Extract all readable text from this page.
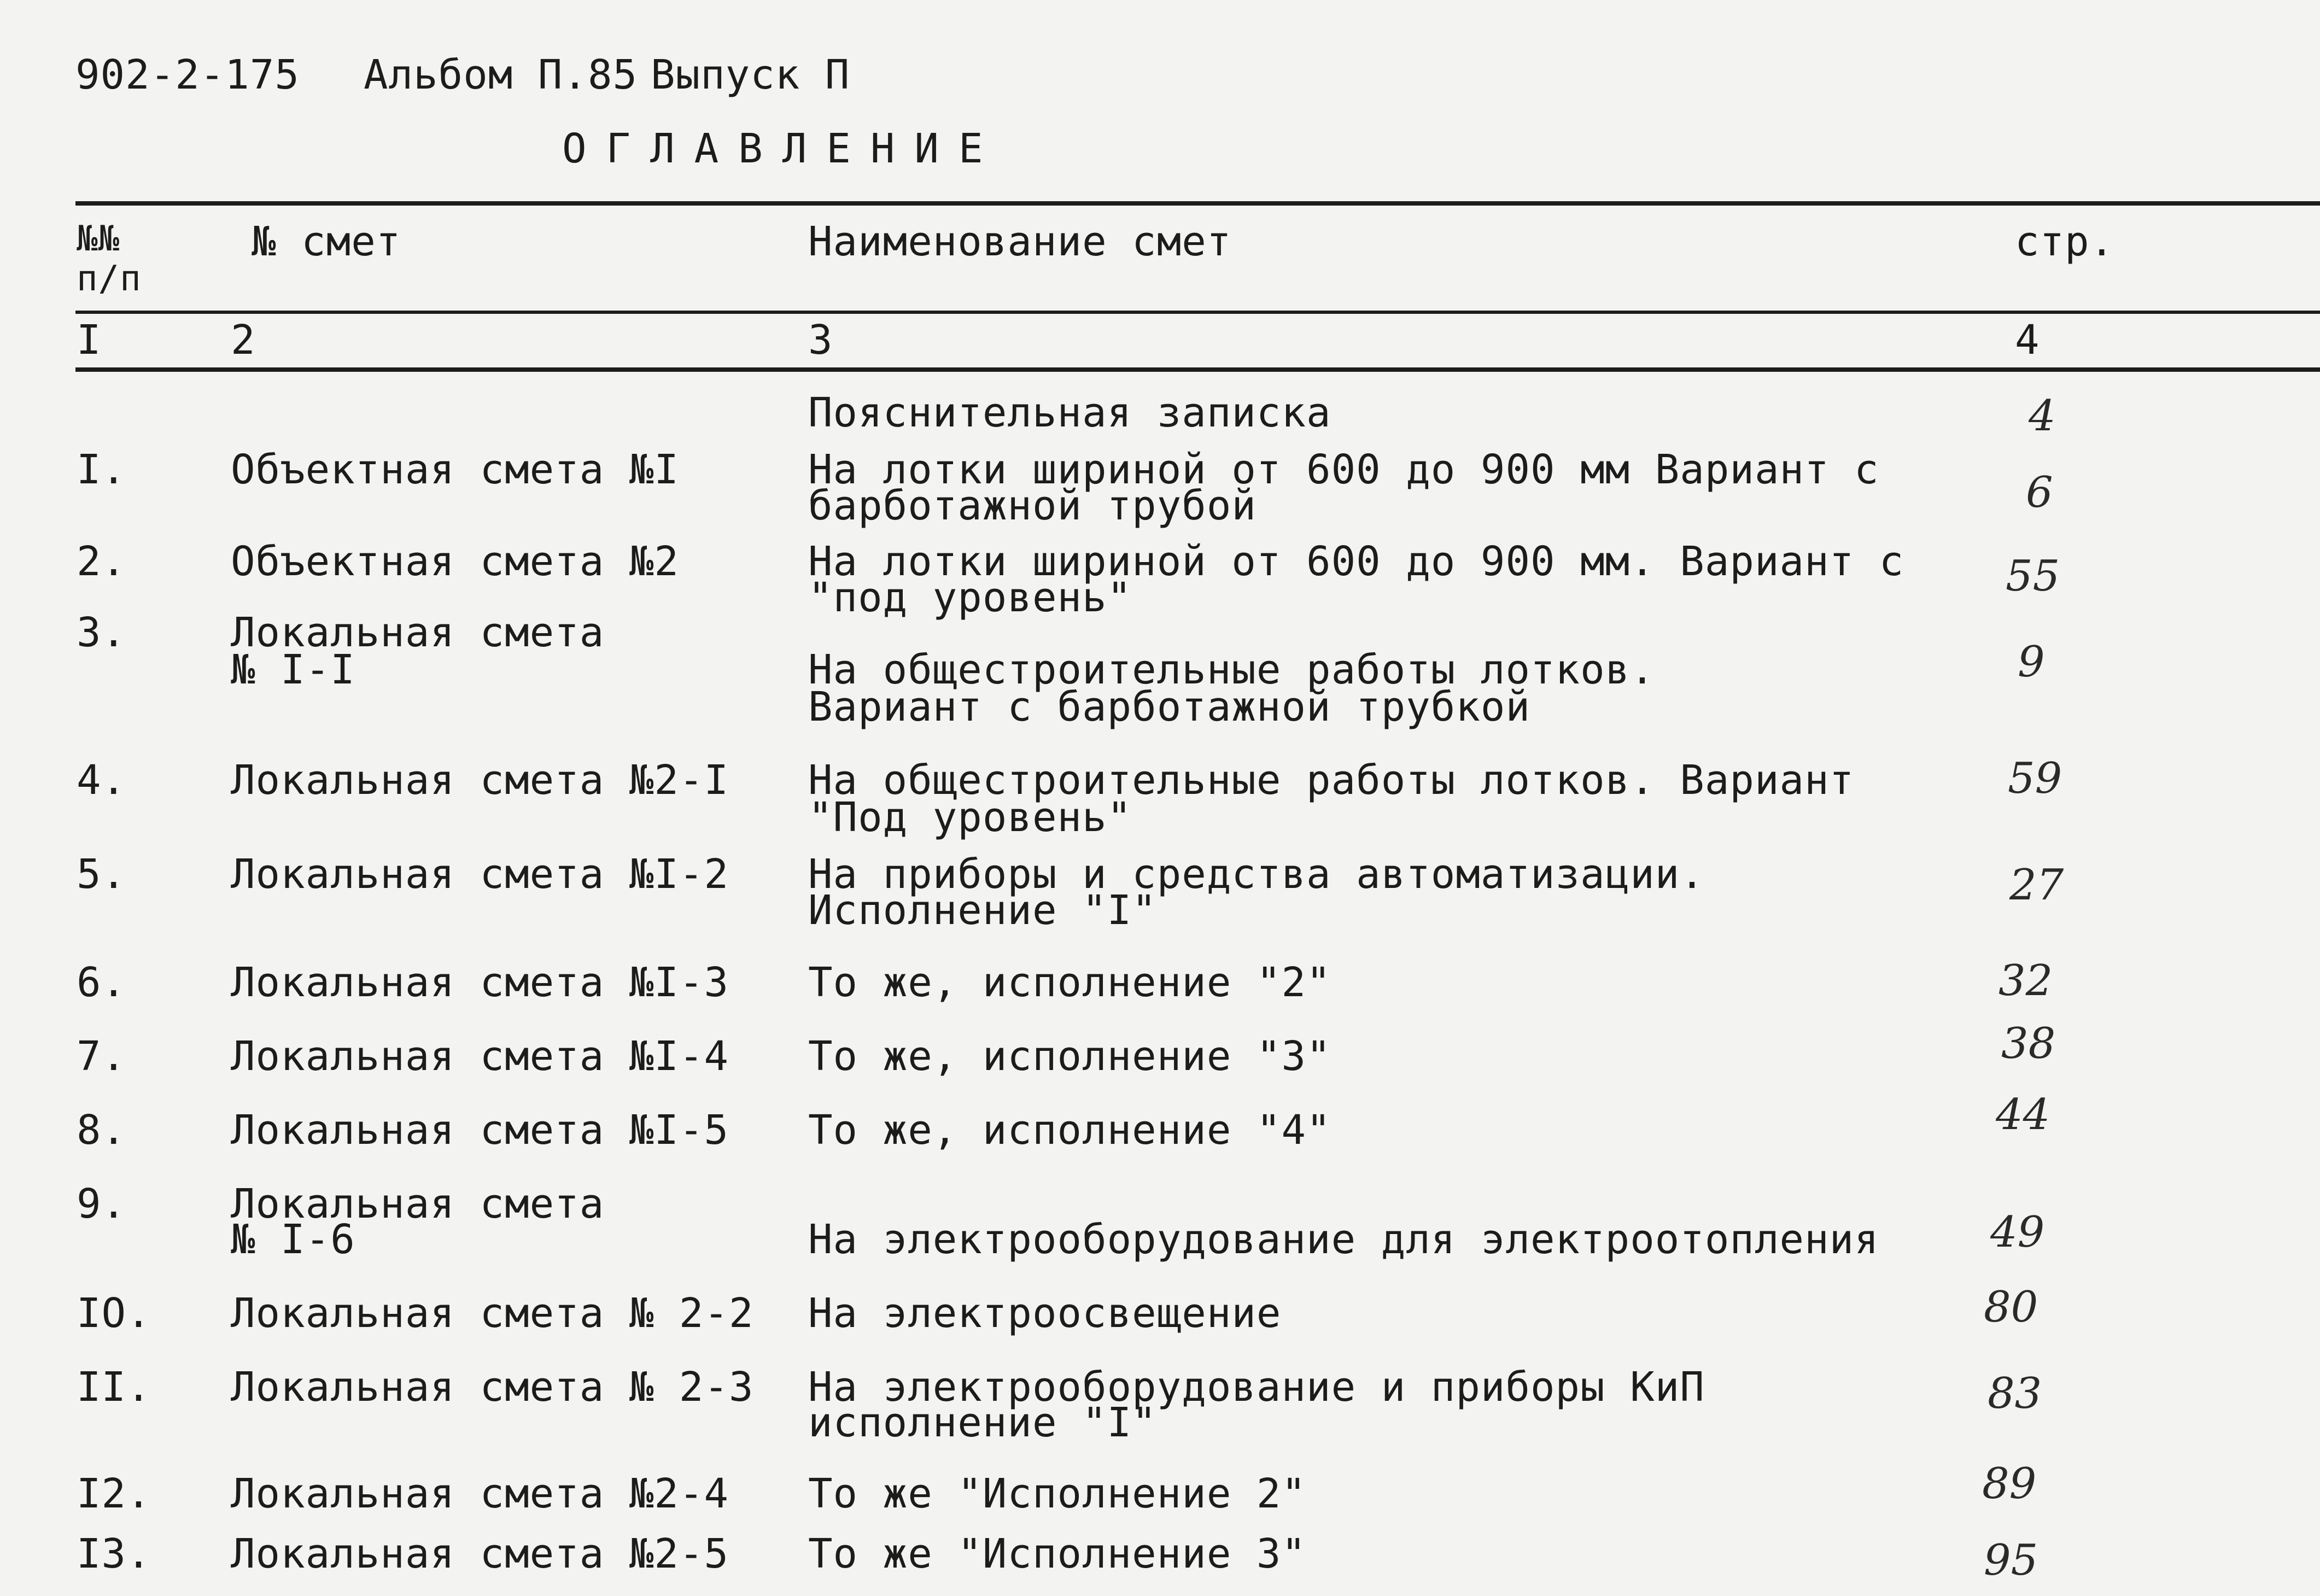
902-2-175 Альбом П.85 Выпуск П
ОГЛАВЛЕНИЕ
№№
п/п
№ смет	Наименование смет	стр.
I	2	3	4
Пояснительная записка	4
I.	Объектная смета №I	На лотки шириной от 600 до 900 мм Вариант с
барботажной трубой	6
2.	Объектная смета №2	На лотки шириной от 600 до 900 мм. Вариант с
"под уровень"	55
3.	Локальная смета
№ I-I	На общестроительные работы лотков.
Вариант с барботажной трубкой
9
4.	Локальная смета №2-I На общестроительные работы лотков. Вариант
"Под уровень"
59
5.	Локальная смета №I-2 На приборы и средства автоматизации.
Исполнение "I"
27
6.	Локальная смета №I-3 То же, исполнение "2"	32
7.	Локальная смета №I-4 То же, исполнение "3"	38
8.	Локальная смета №I-5 То же, исполнение "4"	44
9.	Локальная смета
№ I-6	На электрооборудование для электроотопления	49
IO. Локальная смета № 2-2 На электроосвещение	80
II. Локальная смета № 2-3 На электрооборудование и приборы КиП
исполнение "I"
83
I2. Локальная смета №2-4 То же "Исполнение 2"	89
I3. Локальная смета №2-5 То же "Исполнение 3"	95
